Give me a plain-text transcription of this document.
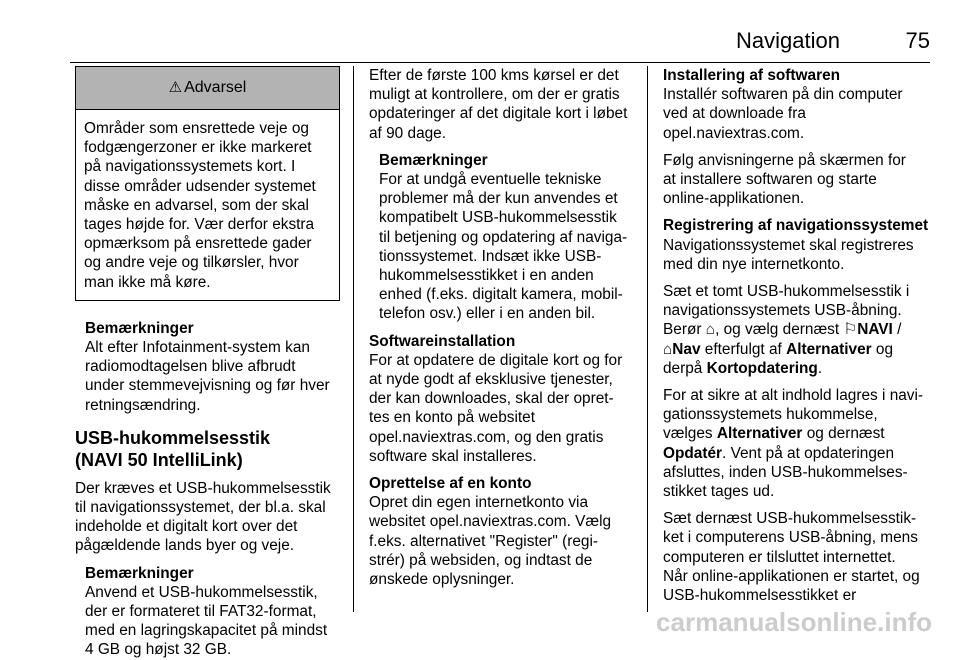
Navigation	75
⚠ Advarsel

Områder som ensrettede veje og

fodgængerzoner er ikke markeret

på navigationssystemets kort. I

disse områder udsender systemet

måske en advarsel, som der skal

tages højde for. Vær derfor ekstra

opmærksom på ensrettede gader

og andre veje og tilkørsler, hvor

man ikke må køre.

Bemærkninger

Alt efter Infotainment-system kan

radiomodtagelsen blive afbrudt

under stemmevejvisning og før hver

retningsændring.

USB-hukommelsesstik

(NAVI 50 IntelliLink)

Der kræves et USB-hukommelsesstik

til navigationssystemet, der bl.a. skal

indeholde et digitalt kort over det

pågældende lands byer og veje.

Bemærkninger

Anvend et USB-hukommelsesstik,

der er formateret til FAT32-format,

med en lagringskapacitet på mindst

4 GB og højst 32 GB.

Efter de første 100 kms kørsel er det

muligt at kontrollere, om der er gratis

opdateringer af det digitale kort i løbet

af 90 dage.

Bemærkninger

For at undgå eventuelle tekniske

problemer må der kun anvendes et

kompatibelt USB-hukommelsesstik

til betjening og opdatering af naviga-

tionssystemet. Indsæt ikke USB-

hukommelsesstikket i en anden

enhed (f.eks. digitalt kamera, mobil-

telefon osv.) eller i en anden bil.

Softwareinstallation

For at opdatere de digitale kort og for

at nyde godt af eksklusive tjenester,

der kan downloades, skal der opret-

tes en konto på websitet

opel.naviextras.com, og den gratis

software skal installeres.

Oprettelse af en konto

Opret din egen internetkonto via

websitet opel.naviextras.com. Vælg

f.eks. alternativet "Register" (regi-

strér) på websiden, og indtast de

ønskede oplysninger.

Installering af softwaren

Installér softwaren på din computer

ved at downloade fra

opel.naviextras.com.

Følg anvisningerne på skærmen for

at installere softwaren og starte

online-applikationen.

Registrering af navigationssystemet

Navigationssystemet skal registreres

med din nye internetkonto.

Sæt et tomt USB-hukommelsesstik i

navigationssystemets USB-åbning.

Berør ⌂, og vælg dernæst ⚐NAVI /

⌂Nav efterfulgt af Alternativer og

derpå Kortopdatering.

For at sikre at alt indhold lagres i navi-

gationssystemets hukommelse,

vælges Alternativer og dernæst

Opdatér. Vent på at opdateringen

afsluttes, inden USB-hukommelses-

stikket tages ud.

Sæt dernæst USB-hukommelsesstik-

ket i computerens USB-åbning, mens

computeren er tilsluttet internettet.

Når online-applikationen er startet, og

USB-hukommelsesstikket er

carmanualsonline.info
